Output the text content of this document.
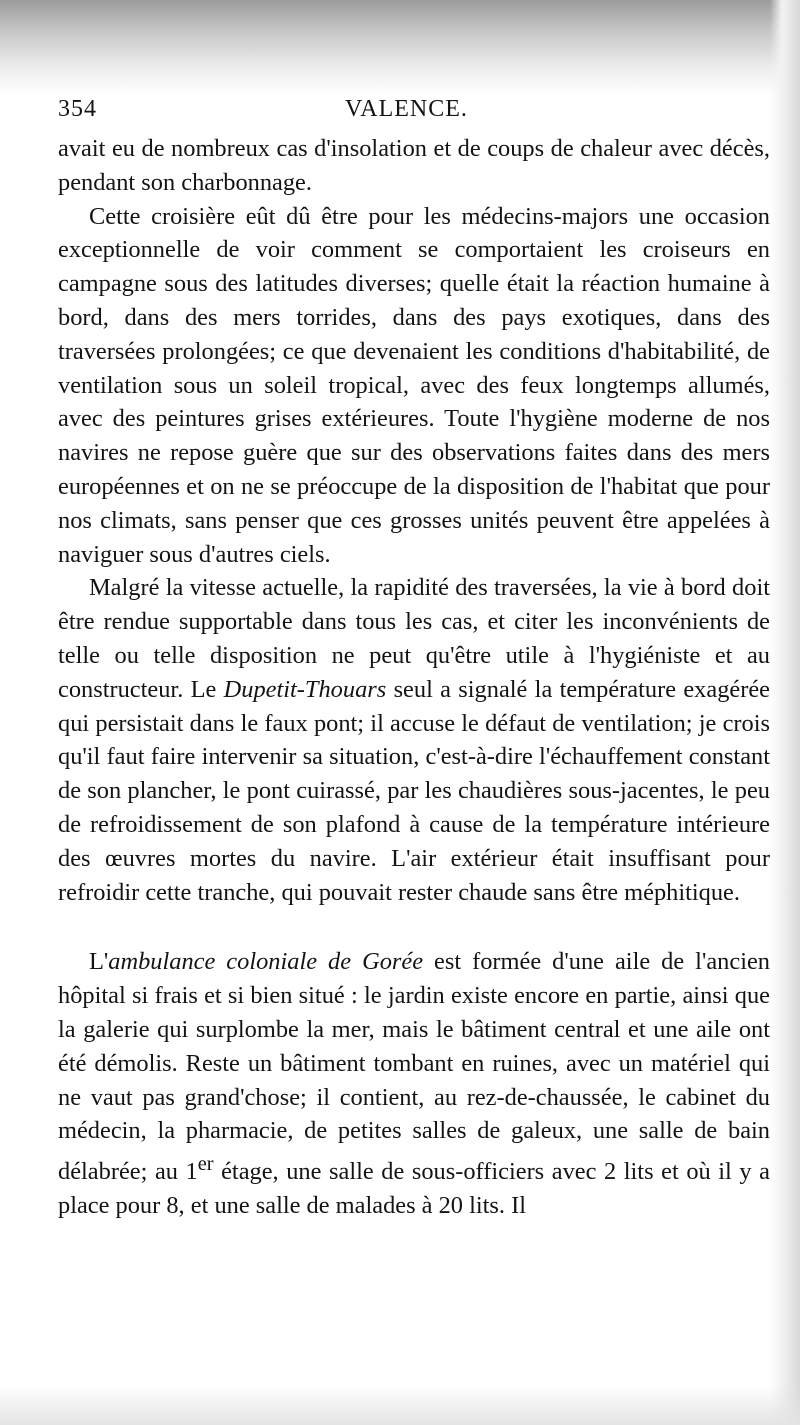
354	VALENCE.

avait eu de nombreux cas d'insolation et de coups de chaleur avec décès, pendant son charbonnage.

Cette croisière eût dû être pour les médecins-majors une occasion exceptionnelle de voir comment se comportaient les croiseurs en campagne sous des latitudes diverses; quelle était la réaction humaine à bord, dans des mers torrides, dans des pays exotiques, dans des traversées prolongées; ce que devenaient les conditions d'habitabilité, de ventilation sous un soleil tropical, avec des feux longtemps allumés, avec des peintures grises extérieures. Toute l'hygiène moderne de nos navires ne repose guère que sur des observations faites dans des mers européennes et on ne se préoccupe de la disposition de l'habitat que pour nos climats, sans penser que ces grosses unités peuvent être appelées à naviguer sous d'autres ciels.

Malgré la vitesse actuelle, la rapidité des traversées, la vie à bord doit être rendue supportable dans tous les cas, et citer les inconvénients de telle ou telle disposition ne peut qu'être utile à l'hygiéniste et au constructeur. Le Dupetit-Thouars seul a signalé la température exagérée qui persistait dans le faux pont; il accuse le défaut de ventilation; je crois qu'il faut faire intervenir sa situation, c'est-à-dire l'échauffement constant de son plancher, le pont cuirassé, par les chaudières sous-jacentes, le peu de refroidissement de son plafond à cause de la température intérieure des œuvres mortes du navire. L'air extérieur était insuffisant pour refroidir cette tranche, qui pouvait rester chaude sans être méphitique.

L'ambulance coloniale de Gorée est formée d'une aile de l'ancien hôpital si frais et si bien situé : le jardin existe encore en partie, ainsi que la galerie qui surplombe la mer, mais le bâtiment central et une aile ont été démolis. Reste un bâtiment tombant en ruines, avec un matériel qui ne vaut pas grand'chose; il contient, au rez-de-chaussée, le cabinet du médecin, la pharmacie, de petites salles de galeux, une salle de bain délabrée; au 1er étage, une salle de sous-officiers avec 2 lits et où il y a place pour 8, et une salle de malades à 20 lits. Il
